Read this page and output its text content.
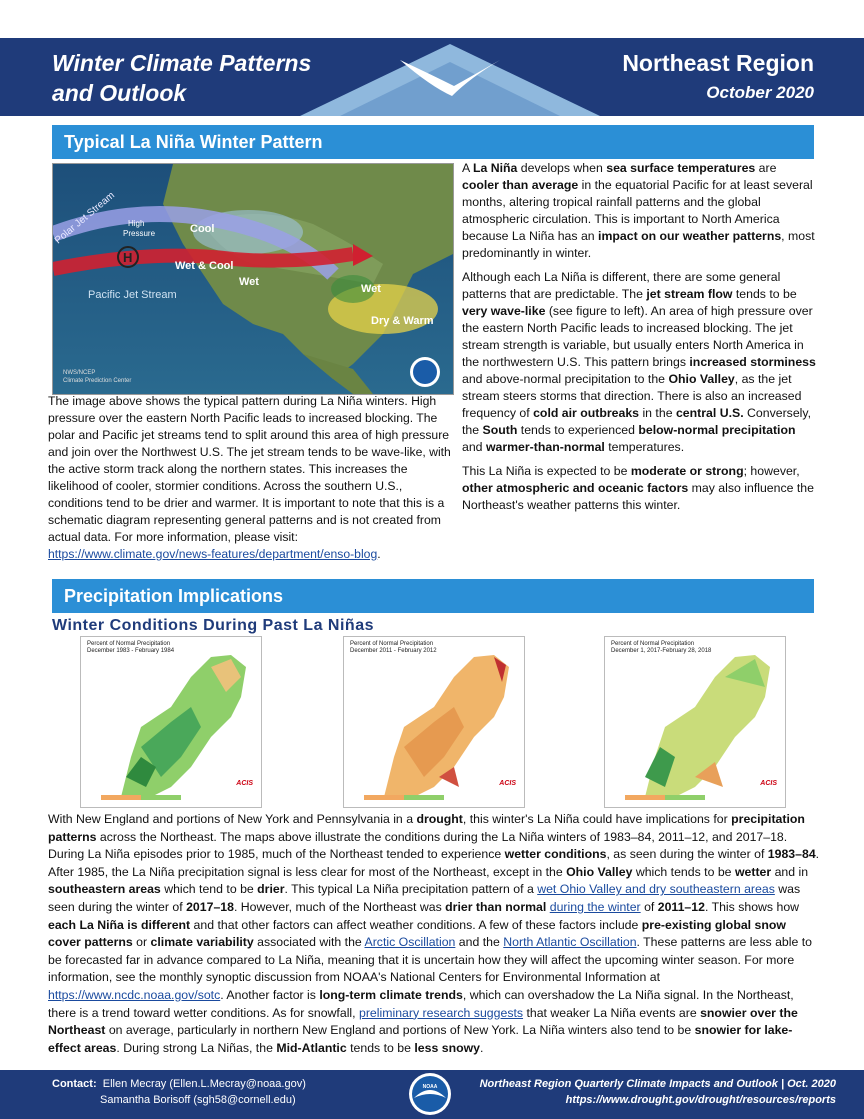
Winter Climate Patterns
and Outlook
Northeast Region
October 2020
Typical La Niña Winter Pattern
H
High
Pressure	Cool
Wet & Cool
Wet
Wet
Pacific Jet Stream
Dry & Warm
Polar Jet Stream
NWS/NCEP
Climate Prediction Center
The image above shows the typical pattern during La Niña winters. High pressure over the eastern North Pacific leads to increased blocking. The polar and Pacific jet streams tend to split around this area of high pressure and join over the Northwest U.S. The jet stream tends to be wave-like, with the active storm track along the northern states. This increases the likelihood of cooler, stormier conditions. Across the southern U.S., conditions tend to be drier and warmer. It is important to note that this is a schematic diagram representing general patterns and is not created from actual data. For more information, please visit: https://www.climate.gov/news-features/department/enso-blog.

A La Niña develops when sea surface temperatures are cooler than average in the equatorial Pacific for at least several months, altering tropical rainfall patterns and the global atmospheric circulation. This is important to North America because La Niña has an impact on our weather patterns, most predominantly in winter.

Although each La Niña is different, there are some general patterns that are predictable. The jet stream flow tends to be very wave-like (see figure to left). An area of high pressure over the eastern North Pacific leads to increased blocking. The jet stream strength is variable, but usually enters North America in the northwestern U.S. This pattern brings increased storminess and above-normal precipitation to the Ohio Valley, as the jet stream steers storms that direction. There is also an increased frequency of cold air outbreaks in the central U.S. Conversely, the South tends to experienced below-normal precipitation and warmer-than-normal temperatures.

This La Niña is expected to be moderate or strong; however, other atmospheric and oceanic factors may also influence the Northeast's weather patterns this winter.

Precipitation Implications
Winter Conditions During Past La Niñas
Percent of Normal Precipitation
December 1983 - February 1984
ACIS
Percent of Normal Precipitation
December 2011 - February 2012
ACIS
Percent of Normal Precipitation
December 1, 2017-February 28, 2018
ACIS
With New England and portions of New York and Pennsylvania in a drought, this winter's La Niña could have implications for precipitation patterns across the Northeast. The maps above illustrate the conditions during the La Niña winters of 1983–84, 2011–12, and 2017–18. During La Niña episodes prior to 1985, much of the Northeast tended to experience wetter conditions, as seen during the winter of 1983–84. After 1985, the La Niña precipitation signal is less clear for most of the Northeast, except in the Ohio Valley which tends to be wetter and in southeastern areas which tend to be drier. This typical La Niña precipitation pattern of a wet Ohio Valley and dry southeastern areas was seen during the winter of 2017–18. However, much of the Northeast was drier than normal during the winter of 2011–12. This shows how each La Niña is different and that other factors can affect weather conditions. A few of these factors include pre-existing global snow cover patterns or climate variability associated with the Arctic Oscillation and the North Atlantic Oscillation. These patterns are less able to be forecasted far in advance compared to La Niña, meaning that it is uncertain how they will affect the upcoming winter season. For more information, see the monthly synoptic discussion from NOAA's National Centers for Environmental Information at https://www.ncdc.noaa.gov/sotc. Another factor is long-term climate trends, which can overshadow the La Niña signal. In the Northeast, there is a trend toward wetter conditions. As for snowfall, preliminary research suggests that weaker La Niña events are snowier over the Northeast on average, particularly in northern New England and portions of New York. La Niña winters also tend to be snowier for lake-effect areas. During strong La Niñas, the Mid-Atlantic tends to be less snowy.
Contact: Ellen Mecray (Ellen.L.Mecray@noaa.gov)
Samantha Borisoff (sgh58@cornell.edu)
Northeast Region Quarterly Climate Impacts and Outlook | Oct. 2020
https://www.drought.gov/drought/resources/reports
NOAA
